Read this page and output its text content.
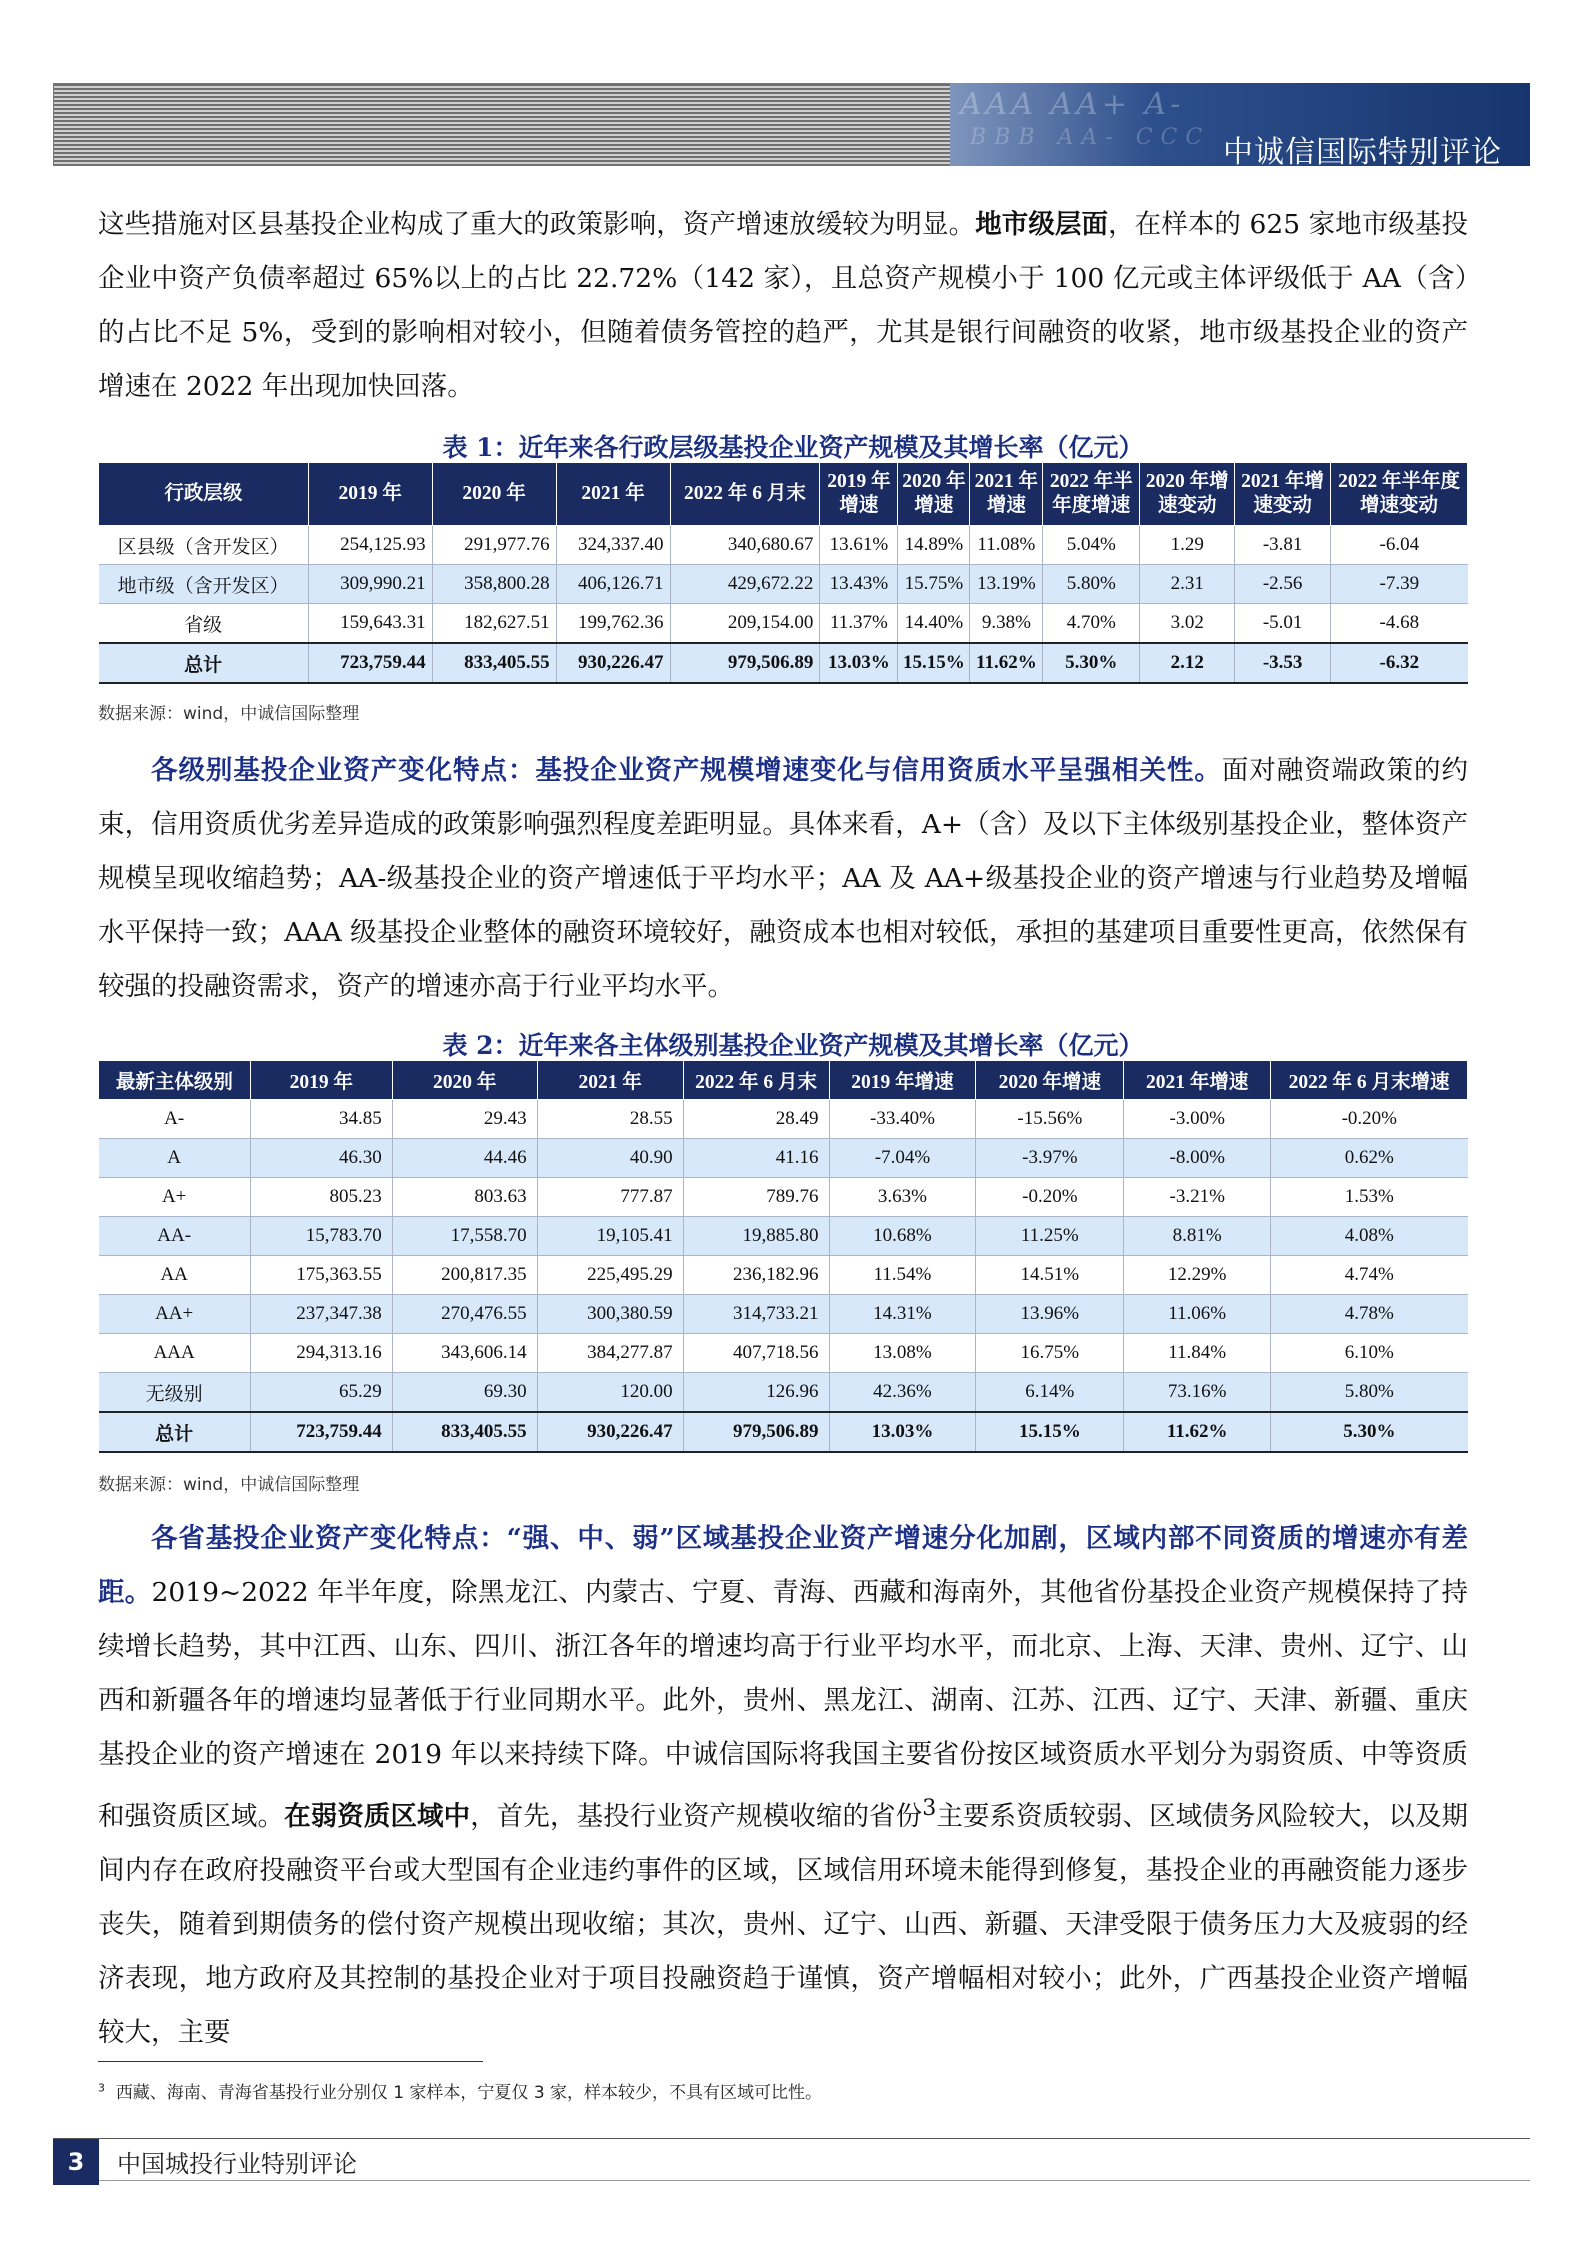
AAA AA+ A-
BBB AA- CCC 中诚信国际特别评论

这些措施对区县基投企业构成了重大的政策影响，资产增速放缓较为明显。地市级层面，在样本的 625 家地市级基投企业中资产负债率超过 65%以上的占比 22.72%（142 家），且总资产规模小于 100 亿元或主体评级低于 AA（含）的占比不足 5%，受到的影响相对较小，但随着债务管控的趋严，尤其是银行间融资的收紧，地市级基投企业的资产增速在 2022 年出现加快回落。

表 1：近年来各行政层级基投企业资产规模及其增长率（亿元）
行政层级	2019 年	2020 年	2021 年	2022 年 6 月末	2019 年增速	2020 年增速	2021 年增速	2022 年半年度增速	2020 年增速变动	2021 年增速变动	2022 年半年度增速变动
区县级（含开发区）	254,125.93	291,977.76	324,337.40	340,680.67	13.61%	14.89%	11.08%	5.04%	1.29	-3.81	-6.04
地市级（含开发区）	309,990.21	358,800.28	406,126.71	429,672.22	13.43%	15.75%	13.19%	5.80%	2.31	-2.56	-7.39
省级	159,643.31	182,627.51	199,762.36	209,154.00	11.37%	14.40%	9.38%	4.70%	3.02	-5.01	-4.68
总计	723,759.44	833,405.55	930,226.47	979,506.89	13.03%	15.15%	11.62%	5.30%	2.12	-3.53	-6.32
数据来源：wind，中诚信国际整理

各级别基投企业资产变化特点：基投企业资产规模增速变化与信用资质水平呈强相关性。面对融资端政策的约束，信用资质优劣差异造成的政策影响强烈程度差距明显。具体来看，A+（含）及以下主体级别基投企业，整体资产规模呈现收缩趋势；AA-级基投企业的资产增速低于平均水平；AA 及 AA+级基投企业的资产增速与行业趋势及增幅水平保持一致；AAA 级基投企业整体的融资环境较好，融资成本也相对较低，承担的基建项目重要性更高，依然保有较强的投融资需求，资产的增速亦高于行业平均水平。

表 2：近年来各主体级别基投企业资产规模及其增长率（亿元）
最新主体级别	2019 年	2020 年	2021 年	2022 年 6 月末	2019 年增速	2020 年增速	2021 年增速	2022 年 6 月末增速
A-	34.85	29.43	28.55	28.49	-33.40%	-15.56%	-3.00%	-0.20%
A	46.30	44.46	40.90	41.16	-7.04%	-3.97%	-8.00%	0.62%
A+	805.23	803.63	777.87	789.76	3.63%	-0.20%	-3.21%	1.53%
AA-	15,783.70	17,558.70	19,105.41	19,885.80	10.68%	11.25%	8.81%	4.08%
AA	175,363.55	200,817.35	225,495.29	236,182.96	11.54%	14.51%	12.29%	4.74%
AA+	237,347.38	270,476.55	300,380.59	314,733.21	14.31%	13.96%	11.06%	4.78%
AAA	294,313.16	343,606.14	384,277.87	407,718.56	13.08%	16.75%	11.84%	6.10%
无级别	65.29	69.30	120.00	126.96	42.36%	6.14%	73.16%	5.80%
总计	723,759.44	833,405.55	930,226.47	979,506.89	13.03%	15.15%	11.62%	5.30%
数据来源：wind，中诚信国际整理

各省基投企业资产变化特点：“强、中、弱”区域基投企业资产增速分化加剧，区域内部不同资质的增速亦有差距。2019~2022 年半年度，除黑龙江、内蒙古、宁夏、青海、西藏和海南外，其他省份基投企业资产规模保持了持续增长趋势，其中江西、山东、四川、浙江各年的增速均高于行业平均水平，而北京、上海、天津、贵州、辽宁、山西和新疆各年的增速均显著低于行业同期水平。此外，贵州、黑龙江、湖南、江苏、江西、辽宁、天津、新疆、重庆基投企业的资产增速在 2019 年以来持续下降。中诚信国际将我国主要省份按区域资质水平划分为弱资质、中等资质和强资质区域。在弱资质区域中，首先，基投行业资产规模收缩的省份$^3$主要系资质较弱、区域债务风险较大，以及期间内存在政府投融资平台或大型国有企业违约事件的区域，区域信用环境未能得到修复，基投企业的再融资能力逐步丧失，随着到期债务的偿付资产规模出现收缩；其次，贵州、辽宁、山西、新疆、天津受限于债务压力大及疲弱的经济表现，地方政府及其控制的基投企业对于项目投融资趋于谨慎，资产增幅相对较小；此外，广西基投企业资产增幅较大，主要

$^3$ 西藏、海南、青海省基投行业分别仅 1 家样本，宁夏仅 3 家，样本较少，不具有区域可比性。
3	中国城投行业特别评论
